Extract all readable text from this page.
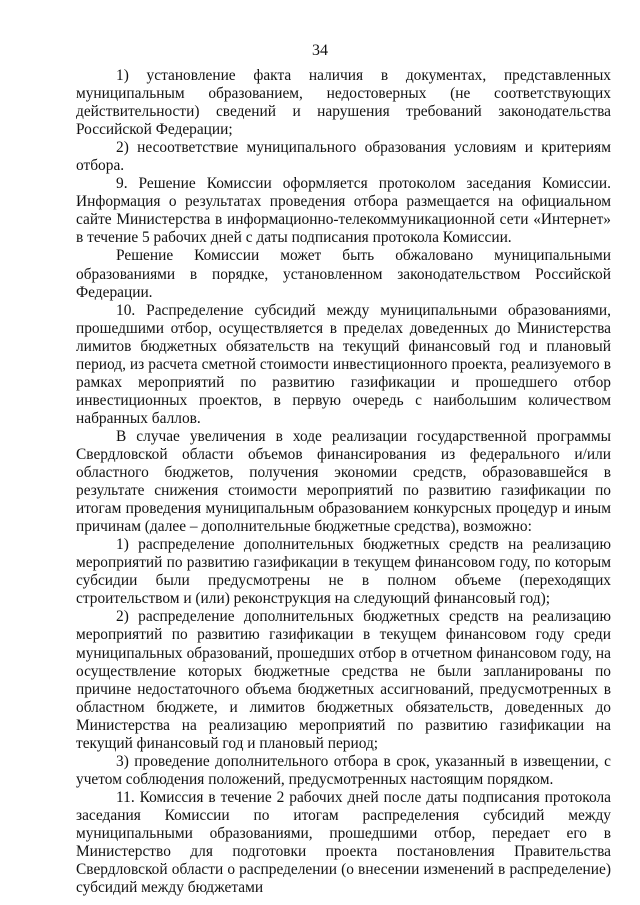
34

1) установление факта наличия в документах, представленных муниципальным образованием, недостоверных (не соответствующих действительности) сведений и нарушения требований законодательства Российской Федерации;

2) несоответствие муниципального образования условиям и критериям отбора.

9. Решение Комиссии оформляется протоколом заседания Комиссии. Информация о результатах проведения отбора размещается на официальном сайте Министерства в информационно-телекоммуникационной сети «Интернет» в течение 5 рабочих дней с даты подписания протокола Комиссии.

Решение Комиссии может быть обжаловано муниципальными образованиями в порядке, установленном законодательством Российской Федерации.

10. Распределение субсидий между муниципальными образованиями, прошедшими отбор, осуществляется в пределах доведенных до Министерства лимитов бюджетных обязательств на текущий финансовый год и плановый период, из расчета сметной стоимости инвестиционного проекта, реализуемого в рамках мероприятий по развитию газификации и прошедшего отбор инвестиционных проектов, в первую очередь с наибольшим количеством набранных баллов.

В случае увеличения в ходе реализации государственной программы Свердловской области объемов финансирования из федерального и/или областного бюджетов, получения экономии средств, образовавшейся в результате снижения стоимости мероприятий по развитию газификации по итогам проведения муниципальным образованием конкурсных процедур и иным причинам (далее – дополнительные бюджетные средства), возможно:

1) распределение дополнительных бюджетных средств на реализацию мероприятий по развитию газификации в текущем финансовом году, по которым субсидии были предусмотрены не в полном объеме (переходящих строительством и (или) реконструкция на следующий финансовый год);

2) распределение дополнительных бюджетных средств на реализацию мероприятий по развитию газификации в текущем финансовом году среди муниципальных образований, прошедших отбор в отчетном финансовом году, на осуществление которых бюджетные средства не были запланированы по причине недостаточного объема бюджетных ассигнований, предусмотренных в областном бюджете, и лимитов бюджетных обязательств, доведенных до Министерства на реализацию мероприятий по развитию газификации на текущий финансовый год и плановый период;

3) проведение дополнительного отбора в срок, указанный в извещении, с учетом соблюдения положений, предусмотренных настоящим порядком.

11. Комиссия в течение 2 рабочих дней после даты подписания протокола заседания Комиссии по итогам распределения субсидий между муниципальными образованиями, прошедшими отбор, передает его в Министерство для подготовки проекта постановления Правительства Свердловской области о распределении (о внесении изменений в распределение) субсидий между бюджетами
